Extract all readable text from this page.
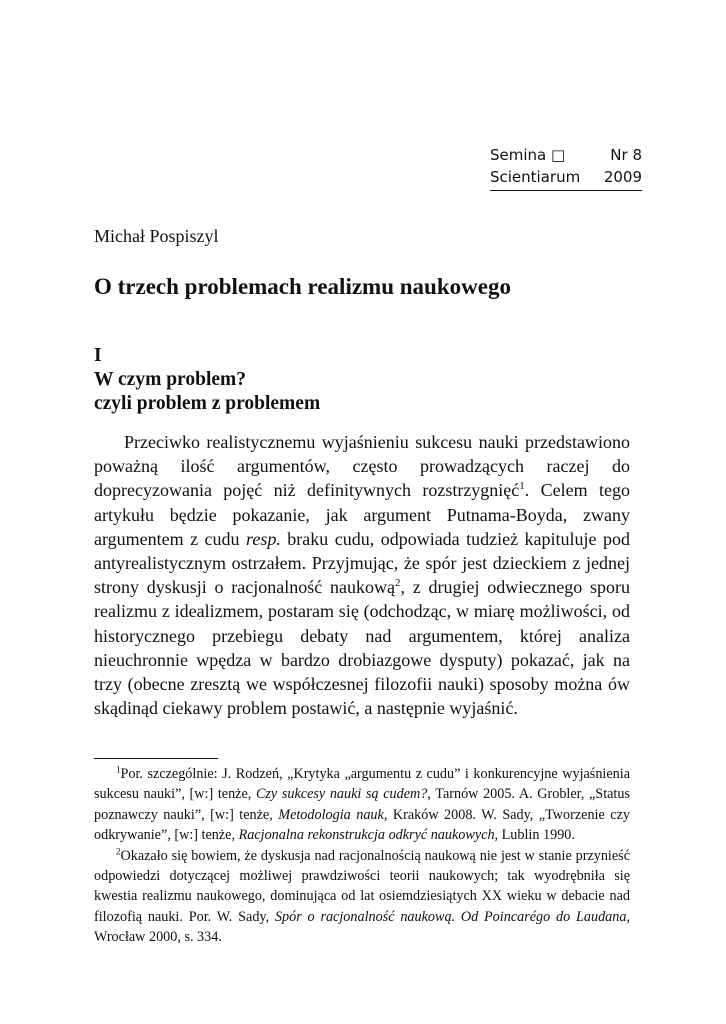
Semina □	Nr 8
Scientiarum 2009
Michał Pospiszyl
O trzech problemach realizmu naukowego
I
W czym problem?
czyli problem z problemem

Przeciwko realistycznemu wyjaśnieniu sukcesu nauki przedstawiono poważną ilość argumentów, często prowadzących raczej do doprecyzowania pojęć niż definitywnych rozstrzygnięć$^1$. Celem tego artykułu będzie pokazanie, jak argument Putnama-Boyda, zwany argumentem z cudu resp. braku cudu, odpowiada tudzież kapituluje pod antyrealistycznym ostrzałem. Przyjmując, że spór jest dzieckiem z jednej strony dyskusji o racjonalność naukową$^2$, z drugiej odwiecznego sporu realizmu z idealizmem, postaram się (odchodząc, w miarę możliwości, od historycznego przebiegu debaty nad argumentem, której analiza nieuchronnie wpędza w bardzo drobiazgowe dysputy) pokazać, jak na trzy (obecne zresztą we współczesnej filozofii nauki) sposoby można ów skądinąd ciekawy problem postawić, a następnie wyjaśnić.

$^1$Por. szczególnie: J. Rodzeń, „Krytyka „argumentu z cudu” i konkurencyjne wyjaśnienia sukcesu nauki”, [w:] tenże, Czy sukcesy nauki są cudem?, Tarnów 2005. A. Grobler, „Status poznawczy nauki”, [w:] tenże, Metodologia nauk, Kraków 2008. W. Sady, „Tworzenie czy odkrywanie”, [w:] tenże, Racjonalna rekonstrukcja odkryć naukowych, Lublin 1990.

$^2$Okazało się bowiem, że dyskusja nad racjonalnością naukową nie jest w stanie przynieść odpowiedzi dotyczącej możliwej prawdziwości teorii naukowych; tak wyodrębniła się kwestia realizmu naukowego, dominująca od lat osiemdziesiątych XX wieku w debacie nad filozofią nauki. Por. W. Sady, Spór o racjonalność naukową. Od Poincarégo do Laudana, Wrocław 2000, s. 334.
